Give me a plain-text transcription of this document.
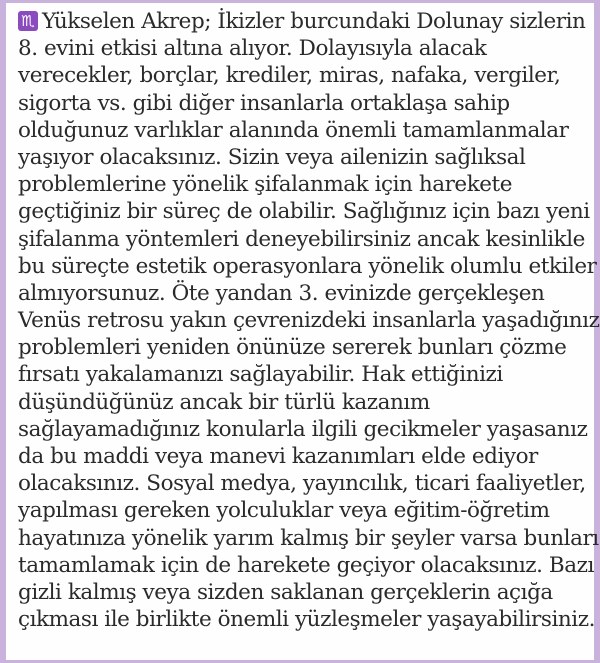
♏ Yükselen Akrep; İkizler burcundaki Dolunay sizlerin
8. evini etkisi altına alıyor. Dolayısıyla alacak
verecekler, borçlar, krediler, miras, nafaka, vergiler,
sigorta vs. gibi diğer insanlarla ortaklaşa sahip
olduğunuz varlıklar alanında önemli tamamlanmalar
yaşıyor olacaksınız. Sizin veya ailenizin sağlıksal
problemlerine yönelik şifalanmak için harekete
geçtiğiniz bir süreç de olabilir. Sağlığınız için bazı yeni
şifalanma yöntemleri deneyebilirsiniz ancak kesinlikle
bu süreçte estetik operasyonlara yönelik olumlu etkiler
almıyorsunuz. Öte yandan 3. evinizde gerçekleşen
Venüs retrosu yakın çevrenizdeki insanlarla yaşadığınız
problemleri yeniden önünüze sererek bunları çözme
fırsatı yakalamanızı sağlayabilir. Hak ettiğinizi
düşündüğünüz ancak bir türlü kazanım
sağlayamadığınız konularla ilgili gecikmeler yaşasanız
da bu maddi veya manevi kazanımları elde ediyor
olacaksınız. Sosyal medya, yayıncılık, ticari faaliyetler,
yapılması gereken yolculuklar veya eğitim-öğretim
hayatınıza yönelik yarım kalmış bir şeyler varsa bunları
tamamlamak için de harekete geçiyor olacaksınız. Bazı
gizli kalmış veya sizden saklanan gerçeklerin açığa
çıkması ile birlikte önemli yüzleşmeler yaşayabilirsiniz.
